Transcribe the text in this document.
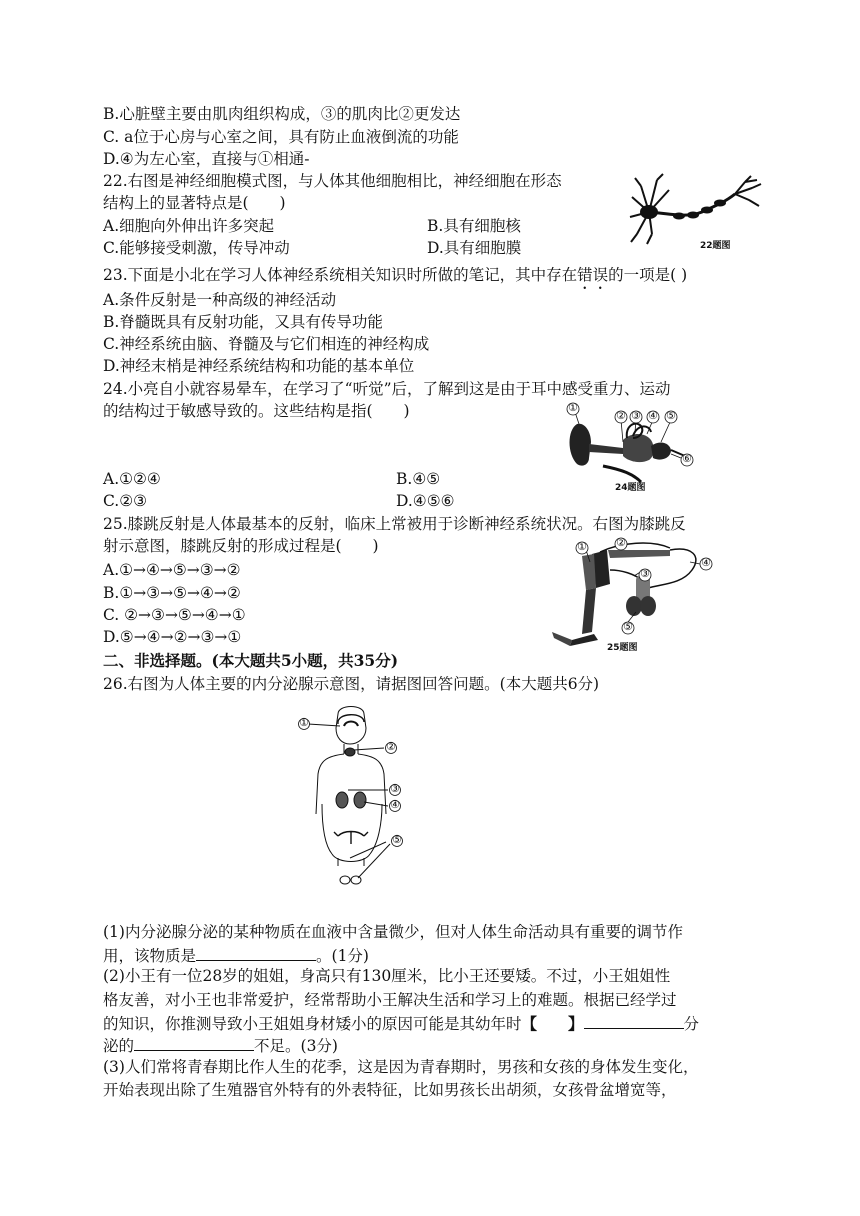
B.心脏壁主要由肌肉组织构成，③的肌肉比②更发达
C. a位于心房与心室之间，具有防止血液倒流的功能
D.④为左心室，直接与①相通-
22.右图是神经细胞模式图，与人体其他细胞相比，神经细胞在形态
结构上的显著特点是(　　)
A.细胞向外伸出许多突起	B.具有细胞核
C.能够接受刺激，传导冲动	D.具有细胞膜	22题图
23.下面是小北在学习人体神经系统相关知识时所做的笔记，其中存在错误的一项是( )
A.条件反射是一种高级的神经活动
B.脊髓既具有反射功能，又具有传导功能
C.神经系统由脑、脊髓及与它们相连的神经构成
D.神经末梢是神经系统结构和功能的基本单位
24.小亮自小就容易晕车，在学习了“听觉”后，了解到这是由于耳中感受重力、运动
的结构过于敏感导致的。这些结构是指(　　)
A.①②④	B.④⑤
C.②③	D.④⑤⑥
①
② ③ ④ ⑤
⑥
24题图
25.膝跳反射是人体最基本的反射，临床上常被用于诊断神经系统状况。右图为膝跳反
射示意图，膝跳反射的形成过程是(　　)
A.①→④→⑤→③→②
B.①→③→⑤→④→②
C. ②→③→⑤→④→①
D.⑤→④→②→③→①
①	②
③
④
⑤
25题图
二、非选择题。(本大题共5小题，共35分)
26.右图为人体主要的内分泌腺示意图，请据图回答问题。(本大题共6分)
①
②
③
④
⑤
(1)内分泌腺分泌的某种物质在血液中含量微少，但对人体生命活动具有重要的调节作
用，该物质是	。(1分)
(2)小王有一位28岁的姐姐，身高只有130厘米，比小王还要矮。不过，小王姐姐性
格友善，对小王也非常爱护，经常帮助小王解决生活和学习上的难题。根据已经学过
的知识，你推测导致小王姐姐身材矮小的原因可能是其幼年时【　　】	分
泌的	不足。(3分)
(3)人们常将青春期比作人生的花季，这是因为青春期时，男孩和女孩的身体发生变化，
开始表现出除了生殖器官外特有的外表特征，比如男孩长出胡须，女孩骨盆增宽等，
